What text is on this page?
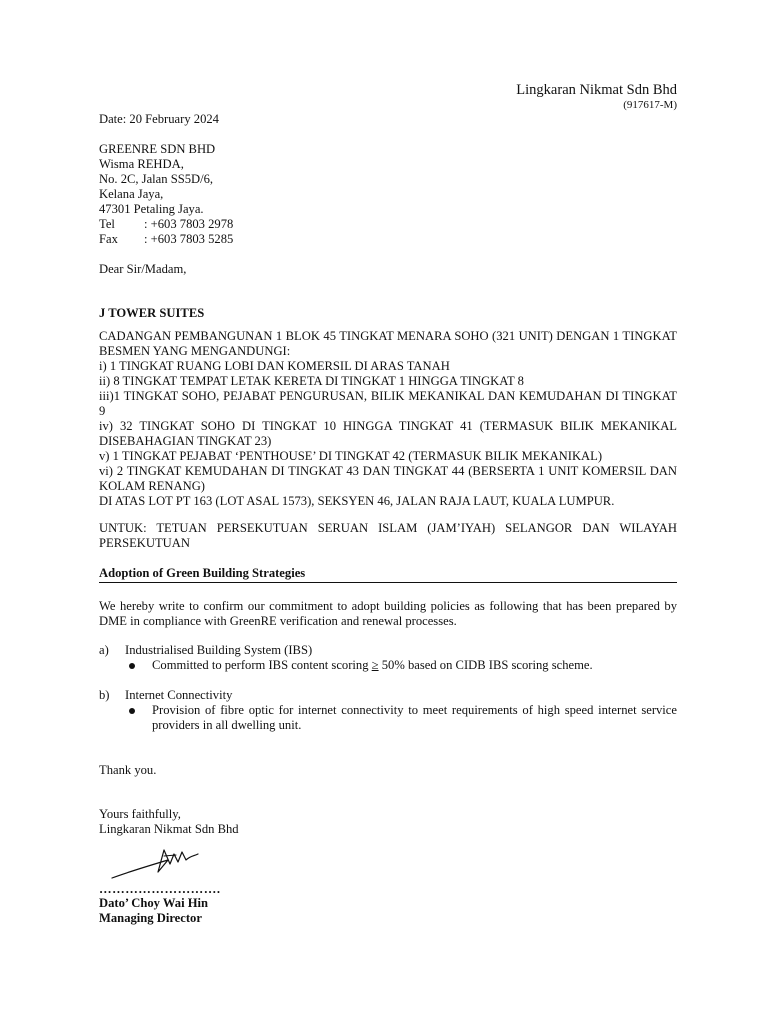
Lingkaran Nikmat Sdn Bhd
(917617-M)
Date: 20 February 2024
GREENRE SDN BHD
Wisma REHDA,
No. 2C, Jalan SS5D/6,
Kelana Jaya,
47301 Petaling Jaya.
Tel	: +603 7803 2978
Fax	: +603 7803 5285
Dear Sir/Madam,
J TOWER SUITES
CADANGAN PEMBANGUNAN 1 BLOK 45 TINGKAT MENARA SOHO (321 UNIT) DENGAN 1 TINGKAT
BESMEN YANG MENGANDUNGI:
i) 1 TINGKAT RUANG LOBI DAN KOMERSIL DI ARAS TANAH
ii) 8 TINGKAT TEMPAT LETAK KERETA DI TINGKAT 1 HINGGA TINGKAT 8
iii)1 TINGKAT SOHO, PEJABAT PENGURUSAN, BILIK MEKANIKAL DAN KEMUDAHAN DI TINGKAT
9
iv) 32 TINGKAT SOHO DI TINGKAT 10 HINGGA TINGKAT 41 (TERMASUK BILIK MEKANIKAL
DISEBAHAGIAN TINGKAT 23)
v) 1 TINGKAT PEJABAT ‘PENTHOUSE’ DI TINGKAT 42 (TERMASUK BILIK MEKANIKAL)
vi) 2 TINGKAT KEMUDAHAN DI TINGKAT 43 DAN TINGKAT 44 (BERSERTA 1 UNIT KOMERSIL DAN
KOLAM RENANG)
DI ATAS LOT PT 163 (LOT ASAL 1573), SEKSYEN 46, JALAN RAJA LAUT, KUALA LUMPUR.
UNTUK: TETUAN PERSEKUTUAN SERUAN ISLAM (JAM’IYAH) SELANGOR DAN WILAYAH
PERSEKUTUAN
Adoption of Green Building Strategies
We hereby write to confirm our commitment to adopt building policies as following that has been prepared by
DME in compliance with GreenRE verification and renewal processes.
a) Industrialised Building System (IBS)
Committed to perform IBS content scoring ≥ 50% based on CIDB IBS scoring scheme.
b) Internet Connectivity
Provision of fibre optic for internet connectivity to meet requirements of high speed internet service
providers in all dwelling unit.
Thank you.
Yours faithfully,
Lingkaran Nikmat Sdn Bhd
……………………….
Dato’ Choy Wai Hin
Managing Director
